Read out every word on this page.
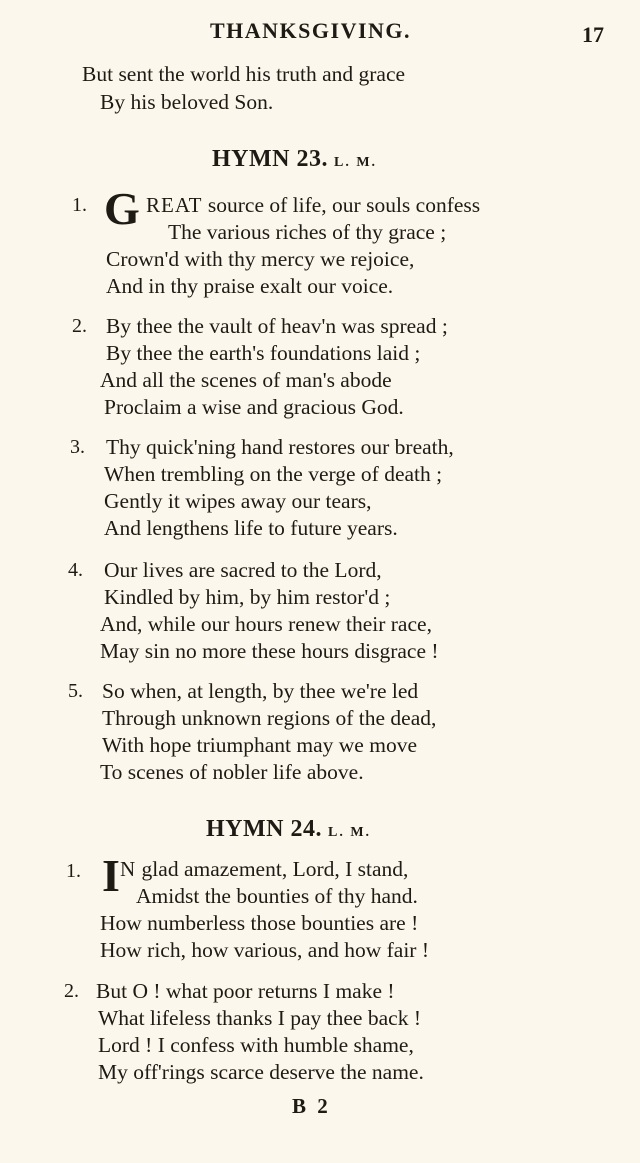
THANKSGIVING.	17
But sent the world his truth and grace
By his beloved Son.
HYMN 23. L. M.
1. G REAT source of life, our souls confess
The various riches of thy grace ;
Crown'd with thy mercy we rejoice,
And in thy praise exalt our voice.
2. By thee the vault of heav'n was spread ;
By thee the earth's foundations laid ;
And all the scenes of man's abode
Proclaim a wise and gracious God.
3. Thy quick'ning hand restores our breath,
When trembling on the verge of death ;
Gently it wipes away our tears,
And lengthens life to future years.
4. Our lives are sacred to the Lord,
Kindled by him, by him restor'd ;
And, while our hours renew their race,
May sin no more these hours disgrace !
5. So when, at length, by thee we're led
Through unknown regions of the dead,
With hope triumphant may we move
To scenes of nobler life above.
HYMN 24. L. M.
1. I N glad amazement, Lord, I stand,
Amidst the bounties of thy hand.
How numberless those bounties are !
How rich, how various, and how fair !
2. But O ! what poor returns I make !
What lifeless thanks I pay thee back !
Lord ! I confess with humble shame,
My off'rings scarce deserve the name.
B 2
